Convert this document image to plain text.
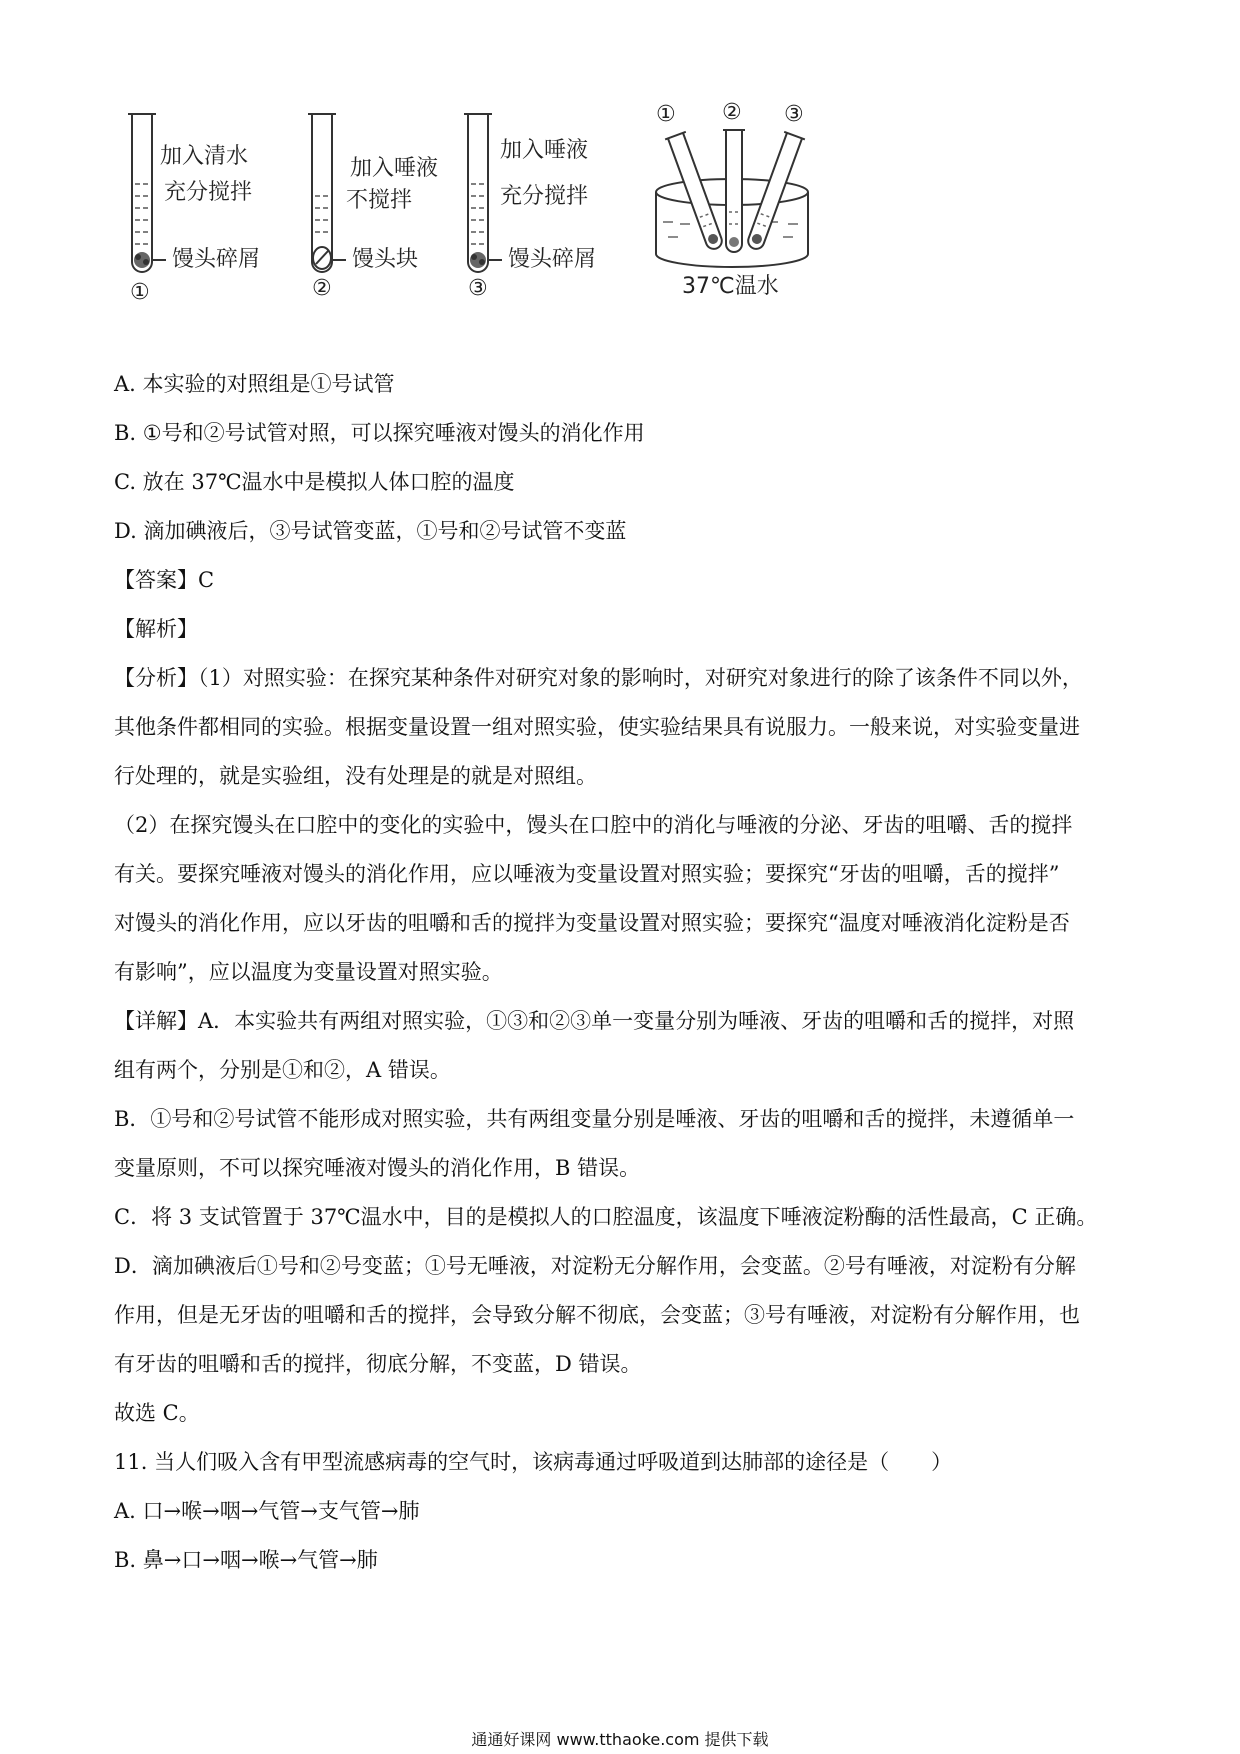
加入清水
充分搅拌
馒头碎屑
①
加入唾液
不搅拌
馒头块
②
加入唾液
充分搅拌
馒头碎屑
③
① ② ③
37℃温水

A. 本实验的对照组是①号试管

B. ①号和②号试管对照，可以探究唾液对馒头的消化作用

C. 放在 37℃温水中是模拟人体口腔的温度

D. 滴加碘液后，③号试管变蓝，①号和②号试管不变蓝

【答案】C

【解析】

【分析】（1）对照实验：在探究某种条件对研究对象的影响时，对研究对象进行的除了该条件不同以外，

其他条件都相同的实验。根据变量设置一组对照实验，使实验结果具有说服力。一般来说，对实验变量进

行处理的，就是实验组，没有处理是的就是对照组。

（2）在探究馒头在口腔中的变化的实验中，馒头在口腔中的消化与唾液的分泌、牙齿的咀嚼、舌的搅拌

有关。要探究唾液对馒头的消化作用，应以唾液为变量设置对照实验；要探究“牙齿的咀嚼，舌的搅拌”

对馒头的消化作用，应以牙齿的咀嚼和舌的搅拌为变量设置对照实验；要探究“温度对唾液消化淀粉是否

有影响”，应以温度为变量设置对照实验。

【详解】A．本实验共有两组对照实验，①③和②③单一变量分别为唾液、牙齿的咀嚼和舌的搅拌，对照

组有两个，分别是①和②，A 错误。

B．①号和②号试管不能形成对照实验，共有两组变量分别是唾液、牙齿的咀嚼和舌的搅拌，未遵循单一

变量原则，不可以探究唾液对馒头的消化作用，B 错误。

C．将 3 支试管置于 37℃温水中，目的是模拟人的口腔温度，该温度下唾液淀粉酶的活性最高，C 正确。

D．滴加碘液后①号和②号变蓝；①号无唾液，对淀粉无分解作用，会变蓝。②号有唾液，对淀粉有分解

作用，但是无牙齿的咀嚼和舌的搅拌，会导致分解不彻底，会变蓝；③号有唾液，对淀粉有分解作用，也

有牙齿的咀嚼和舌的搅拌，彻底分解，不变蓝，D 错误。

故选 C。

11. 当人们吸入含有甲型流感病毒的空气时，该病毒通过呼吸道到达肺部的途径是（　　）

A. 口→喉→咽→气管→支气管→肺

B. 鼻→口→咽→喉→气管→肺

通通好课网 www.tthaoke.com 提供下载
